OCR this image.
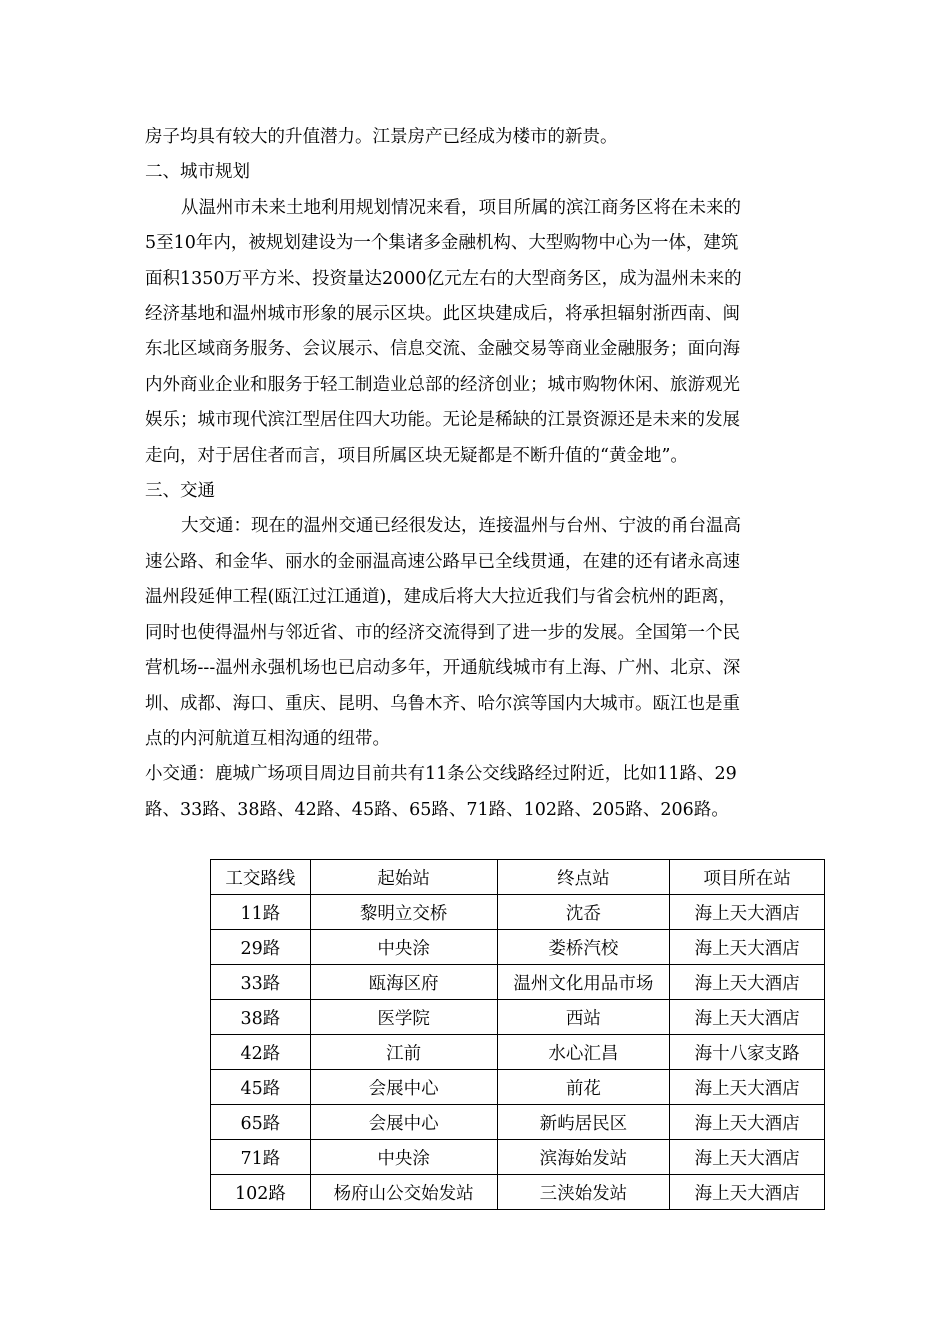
房子均具有较大的升值潜力。江景房产已经成为楼市的新贵。

二、城市规划

从温州市未来土地利用规划情况来看，项目所属的滨江商务区将在未来的

5至10年内，被规划建设为一个集诸多金融机构、大型购物中心为一体，建筑

面积1350万平方米、投资量达2000亿元左右的大型商务区，成为温州未来的

经济基地和温州城市形象的展示区块。此区块建成后，将承担辐射浙西南、闽

东北区域商务服务、会议展示、信息交流、金融交易等商业金融服务；面向海

内外商业企业和服务于轻工制造业总部的经济创业；城市购物休闲、旅游观光

娱乐；城市现代滨江型居住四大功能。无论是稀缺的江景资源还是未来的发展

走向，对于居住者而言，项目所属区块无疑都是不断升值的“黄金地”。

三、交通

大交通：现在的温州交通已经很发达，连接温州与台州、宁波的甬台温高

速公路、和金华、丽水的金丽温高速公路早已全线贯通，在建的还有诸永高速

温州段延伸工程(瓯江过江通道)，建成后将大大拉近我们与省会杭州的距离，

同时也使得温州与邻近省、市的经济交流得到了进一步的发展。全国第一个民

营机场---温州永强机场也已启动多年，开通航线城市有上海、广州、北京、深

圳、成都、海口、重庆、昆明、乌鲁木齐、哈尔滨等国内大城市。瓯江也是重

点的内河航道互相沟通的纽带。

小交通：鹿城广场项目周边目前共有11条公交线路经过附近，比如11路、29

路、33路、38路、42路、45路、65路、71路、102路、205路、206路。

工交路线	起始站	终点站	项目所在站
11路	黎明立交桥	沈岙	海上天大酒店
29路	中央涂	娄桥汽校	海上天大酒店
33路	瓯海区府	温州文化用品市场	海上天大酒店
38路	医学院	西站	海上天大酒店
42路	江前	水心汇昌	海十八家支路
45路	会展中心	前花	海上天大酒店
65路	会展中心	新屿居民区	海上天大酒店
71路	中央涂	滨海始发站	海上天大酒店
102路	杨府山公交始发站	三浃始发站	海上天大酒店
